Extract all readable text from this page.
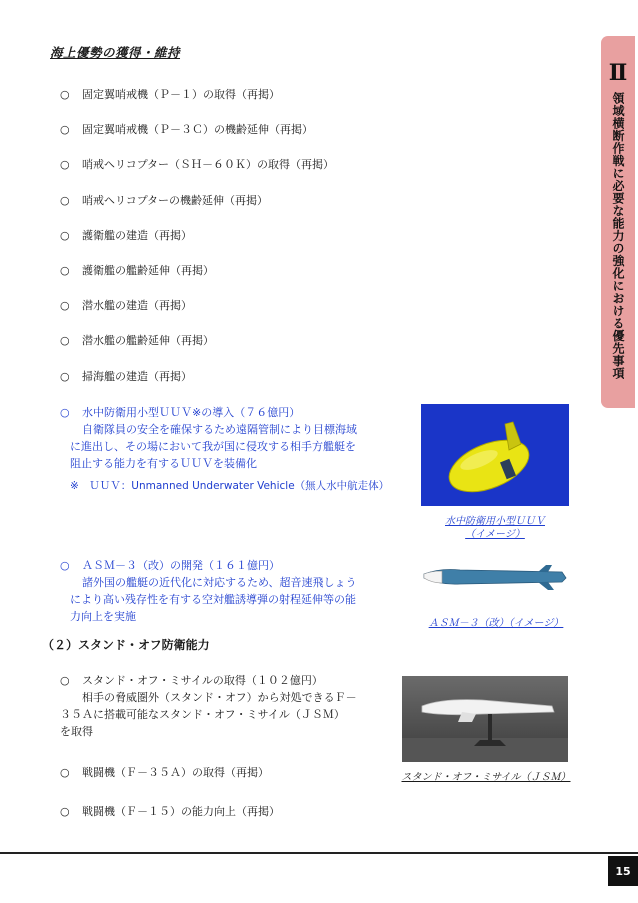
海上優勢の獲得・維持
○ 固定翼哨戒機（Ｐ－１）の取得（再掲）
○ 固定翼哨戒機（Ｐ－３Ｃ）の機齢延伸（再掲）
○ 哨戒ヘリコプター（ＳＨ－６０Ｋ）の取得（再掲）
○ 哨戒ヘリコプターの機齢延伸（再掲）
○ 護衛艦の建造（再掲）
○ 護衛艦の艦齢延伸（再掲）
○ 潜水艦の建造（再掲）
○ 潜水艦の艦齢延伸（再掲）
○ 掃海艦の建造（再掲）
○ 水中防衛用小型ＵＵＶ※の導入（７６億円）
自衛隊員の安全を確保するため遠隔管制により目標海域
に進出し、その場において我が国に侵攻する相手方艦艇を
阻止する能力を有するＵＵＶを装備化
※　ＵＵＶ：Unmanned Underwater Vehicle（無人水中航走体）
水中防衛用小型ＵＵＶ
（イメージ）
○ ＡＳＭ－３（改）の開発（１６１億円）
諸外国の艦艇の近代化に対応するため、超音速飛しょう
により高い残存性を有する空対艦誘導弾の射程延伸等の能
力向上を実施
ＡＳＭ－３（改）（イメージ）
（２）スタンド・オフ防衛能力
○ スタンド・オフ・ミサイルの取得（１０２億円）
相手の脅威圏外（スタンド・オフ）から対処できるＦ－
３５Ａに搭載可能なスタンド・オフ・ミサイル（ＪＳＭ）
を取得
スタンド・オフ・ミサイル（ＪＳＭ）
○ 戦闘機（Ｆ－３５Ａ）の取得（再掲）
○ 戦闘機（Ｆ－１５）の能力向上（再掲）
Ⅱ
領域横断作戦に必要な能力の強化における優先事項
15
